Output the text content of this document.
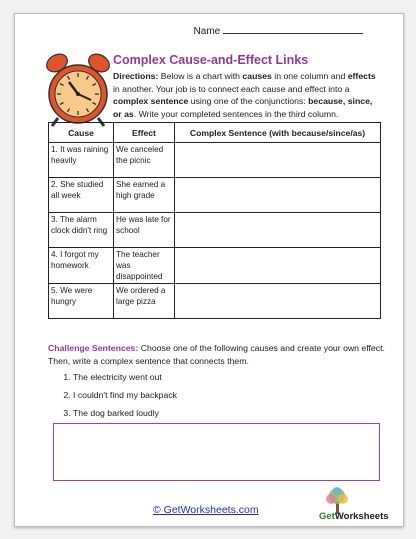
Name
Complex Cause-and-Effect Links
Directions: Below is a chart with causes in one column and effects in another. Your job is to connect each cause and effect into a complex sentence using one of the conjunctions: because, since, or as. Write your completed sentences in the third column.
Cause	Effect	Complex Sentence (with because/since/as)
1. It was raining heavily	We canceled the picnic	
2. She studied all week	She earned a high grade	
3. The alarm clock didn't ring	He was late for school	
4. I forgot my homework	The teacher was disappointed	
5. We were hungry	We ordered a large pizza	
Challenge Sentences: Choose one of the following causes and create your own effect. Then, write a complex sentence that connects them.
1. The electricity went out
2. I couldn't find my backpack
3. The dog barked loudly
© GetWorksheets.com
GetWorksheets
